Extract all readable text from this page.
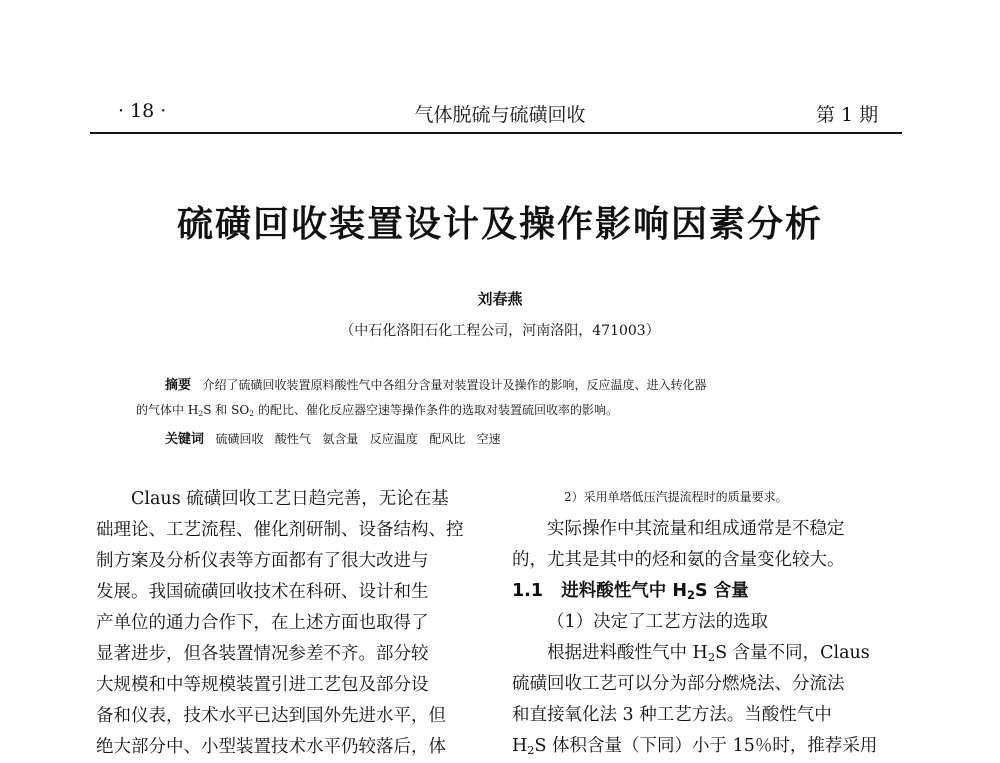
· 18 ·	气体脱硫与硫磺回收	第 1 期
硫磺回收装置设计及操作影响因素分析
刘春燕
（中石化洛阳石化工程公司，河南洛阳，471003）
摘要 介绍了硫磺回收装置原料酸性气中各组分含量对装置设计及操作的影响，反应温度、进入转化器
的气体中 $H_2S$ 和 $SO_2$ 的配比、催化反应器空速等操作条件的选取对装置硫回收率的影响。
关键词 硫磺回收   酸性气   氨含量   反应温度   配风比   空速

Claus 硫磺回收工艺日趋完善，无论在基

础理论、工艺流程、催化剂研制、设备结构、控

制方案及分析仪表等方面都有了很大改进与

发展。我国硫磺回收技术在科研、设计和生

产单位的通力合作下，在上述方面也取得了

显著进步，但各装置情况参差不齐。部分较

大规模和中等规模装置引进工艺包及部分设

备和仪表，技术水平已达到国外先进水平，但

绝大部分中、小型装置技术水平仍较落后，体

2）采用单塔低压汽提流程时的质量要求。

实际操作中其流量和组成通常是不稳定

的，尤其是其中的烃和氨的含量变化较大。

1.1   进料酸性气中 $H_2S$ 含量

（1）决定了工艺方法的选取

根据进料酸性气中 $H_2S$ 含量不同，Claus

硫磺回收工艺可以分为部分燃烧法、分流法

和直接氧化法 3 种工艺方法。当酸性气中

$H_2S$ 体积含量（下同）小于 15％时，推荐采用
